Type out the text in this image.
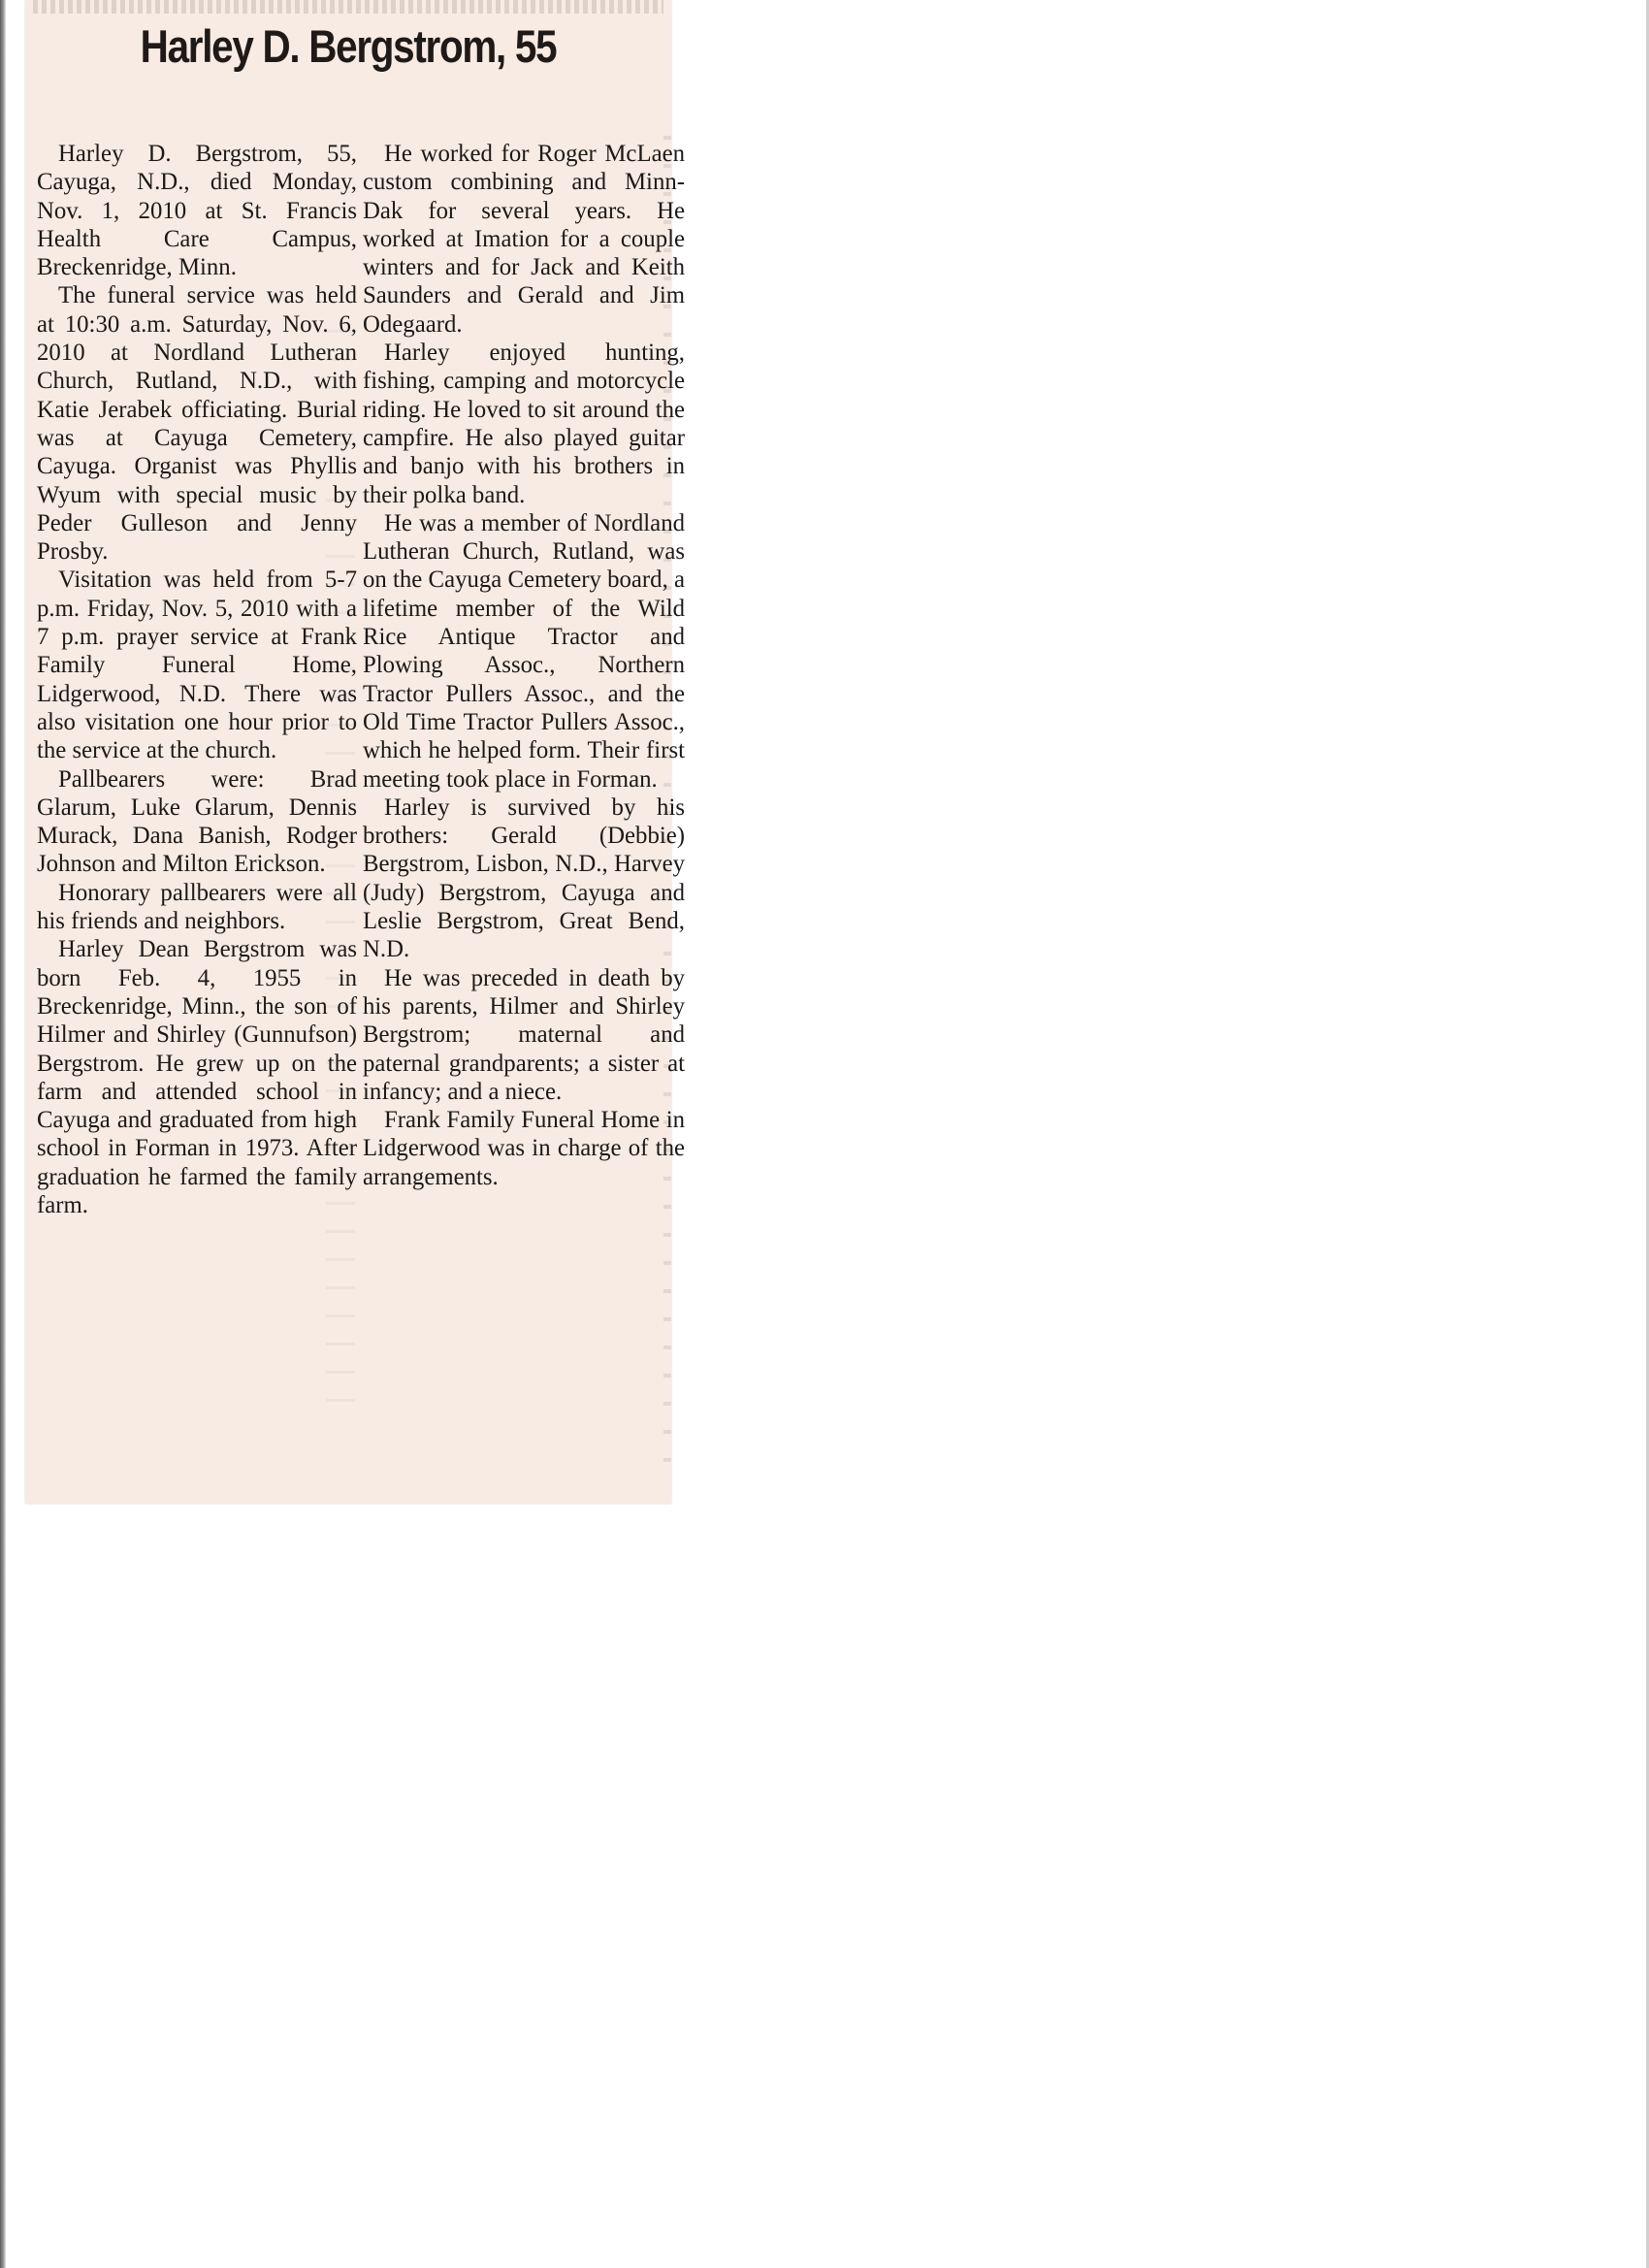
Harley D. Bergstrom, 55

Harley D. Bergstrom, 55, Cayuga, N.D., died Monday, Nov. 1, 2010 at St. Francis Health Care Campus, Breckenridge, Minn.

The funeral service was held at 10:30 a.m. Saturday, Nov. 6, 2010 at Nordland Lutheran Church, Rutland, N.D., with Katie Jerabek officiating. Burial was at Cayuga Cemetery, Cayuga. Organist was Phyllis Wyum with special music by Peder Gulleson and Jenny Prosby.

Visitation was held from 5-7 p.m. Friday, Nov. 5, 2010 with a 7 p.m. prayer service at Frank Family Funeral Home, Lidgerwood, N.D. There was also visitation one hour prior to the service at the church.

Pallbearers were: Brad Glarum, Luke Glarum, Dennis Murack, Dana Banish, Rodger Johnson and Milton Erickson.

Honorary pallbearers were all his friends and neighbors.

Harley Dean Bergstrom was born Feb. 4, 1955 in Breckenridge, Minn., the son of Hilmer and Shirley (Gunnufson) Bergstrom. He grew up on the farm and attended school in Cayuga and graduated from high school in Forman in 1973. After graduation he farmed the family farm.

He worked for Roger McLaen custom combining and Minn-Dak for several years. He worked at Imation for a couple winters and for Jack and Keith Saunders and Gerald and Jim Odegaard.

Harley enjoyed hunting, fishing, camping and motorcycle riding. He loved to sit around the campfire. He also played guitar and banjo with his brothers in their polka band.

He was a member of Nordland Lutheran Church, Rutland, was on the Cayuga Cemetery board, a lifetime member of the Wild Rice Antique Tractor and Plowing Assoc., Northern Tractor Pullers Assoc., and the Old Time Tractor Pullers Assoc., which he helped form. Their first meeting took place in Forman.

Harley is survived by his brothers: Gerald (Debbie) Bergstrom, Lisbon, N.D., Harvey (Judy) Bergstrom, Cayuga and Leslie Bergstrom, Great Bend, N.D.

He was preceded in death by his parents, Hilmer and Shirley Bergstrom; maternal and paternal grandparents; a sister at infancy; and a niece.

Frank Family Funeral Home in Lidgerwood was in charge of the arrangements.
